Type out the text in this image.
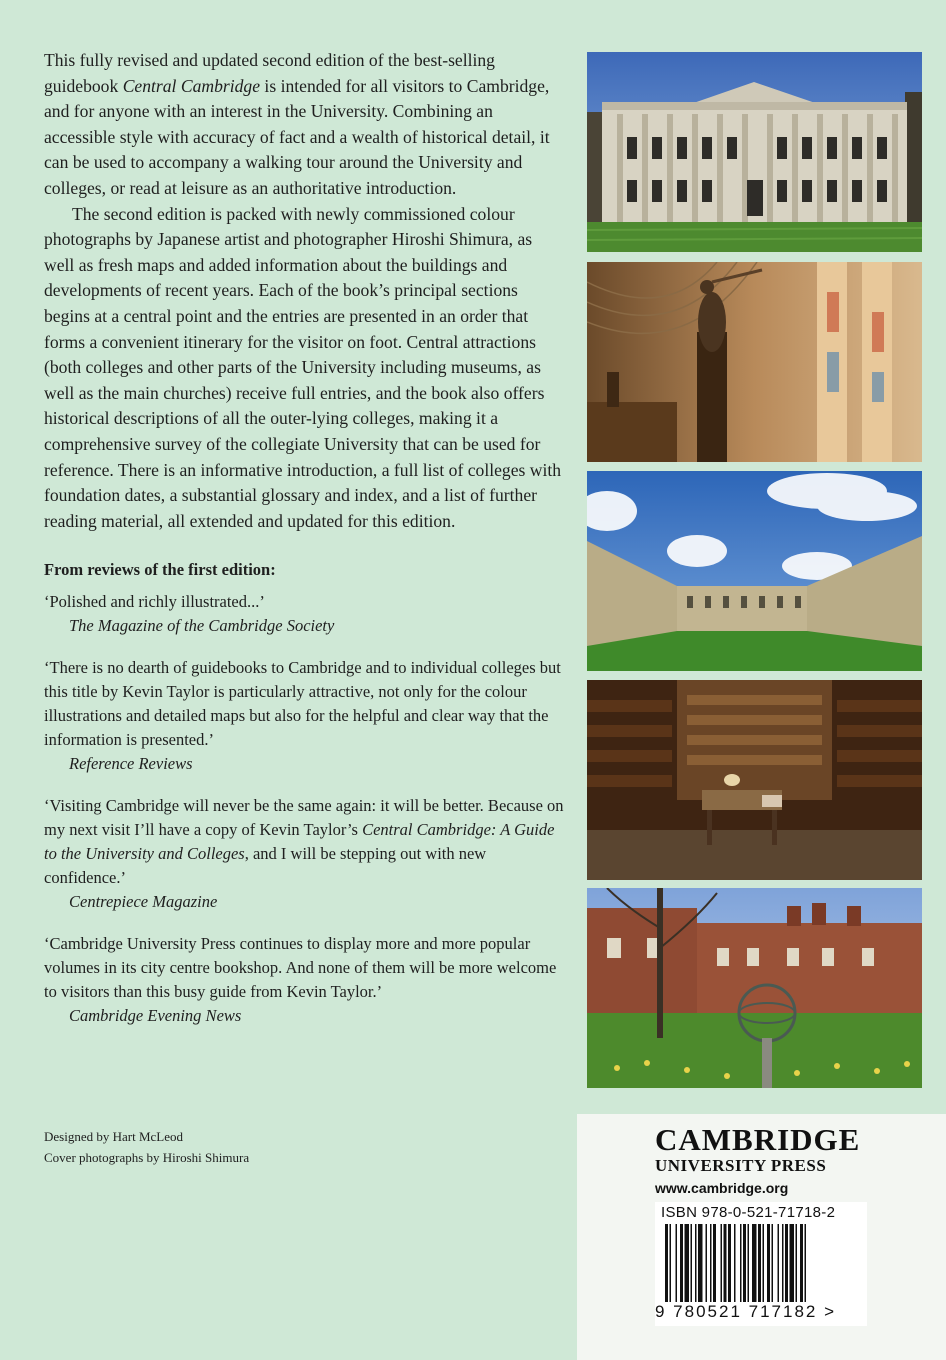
This fully revised and updated second edition of the best-selling guidebook Central Cambridge is intended for all visitors to Cambridge, and for anyone with an interest in the University. Combining an accessible style with accuracy of fact and a wealth of historical detail, it can be used to accompany a walking tour around the University and colleges, or read at leisure as an authoritative introduction.

The second edition is packed with newly commissioned colour photographs by Japanese artist and photographer Hiroshi Shimura, as well as fresh maps and added information about the buildings and developments of recent years. Each of the book’s principal sections begins at a central point and the entries are presented in an order that forms a convenient itinerary for the visitor on foot. Central attractions (both colleges and other parts of the University including museums, as well as the main churches) receive full entries, and the book also offers historical descriptions of all the outer-lying colleges, making it a comprehensive survey of the collegiate University that can be used for reference. There is an informative introduction, a full list of colleges with foundation dates, a substantial glossary and index, and a list of further reading material, all extended and updated for this edition.

From reviews of the first edition:

‘Polished and richly illustrated...’

The Magazine of the Cambridge Society

‘There is no dearth of guidebooks to Cambridge and to individual colleges but this title by Kevin Taylor is particularly attractive, not only for the colour illustrations and detailed maps but also for the helpful and clear way that the information is presented.’

Reference Reviews

‘Visiting Cambridge will never be the same again: it will be better. Because on my next visit I’ll have a copy of Kevin Taylor’s Central Cambridge: A Guide to the University and Colleges, and I will be stepping out with new confidence.’

Centrepiece Magazine

‘Cambridge University Press continues to display more and more popular volumes in its city centre bookshop. And none of them will be more welcome to visitors than this busy guide from Kevin Taylor.’

Cambridge Evening News

Designed by Hart McLeod
Cover photographs by Hiroshi Shimura
CAMBRIDGE
UNIVERSITY PRESS
www.cambridge.org
ISBN 978-0-521-71718-2
9 780521 717182 >
